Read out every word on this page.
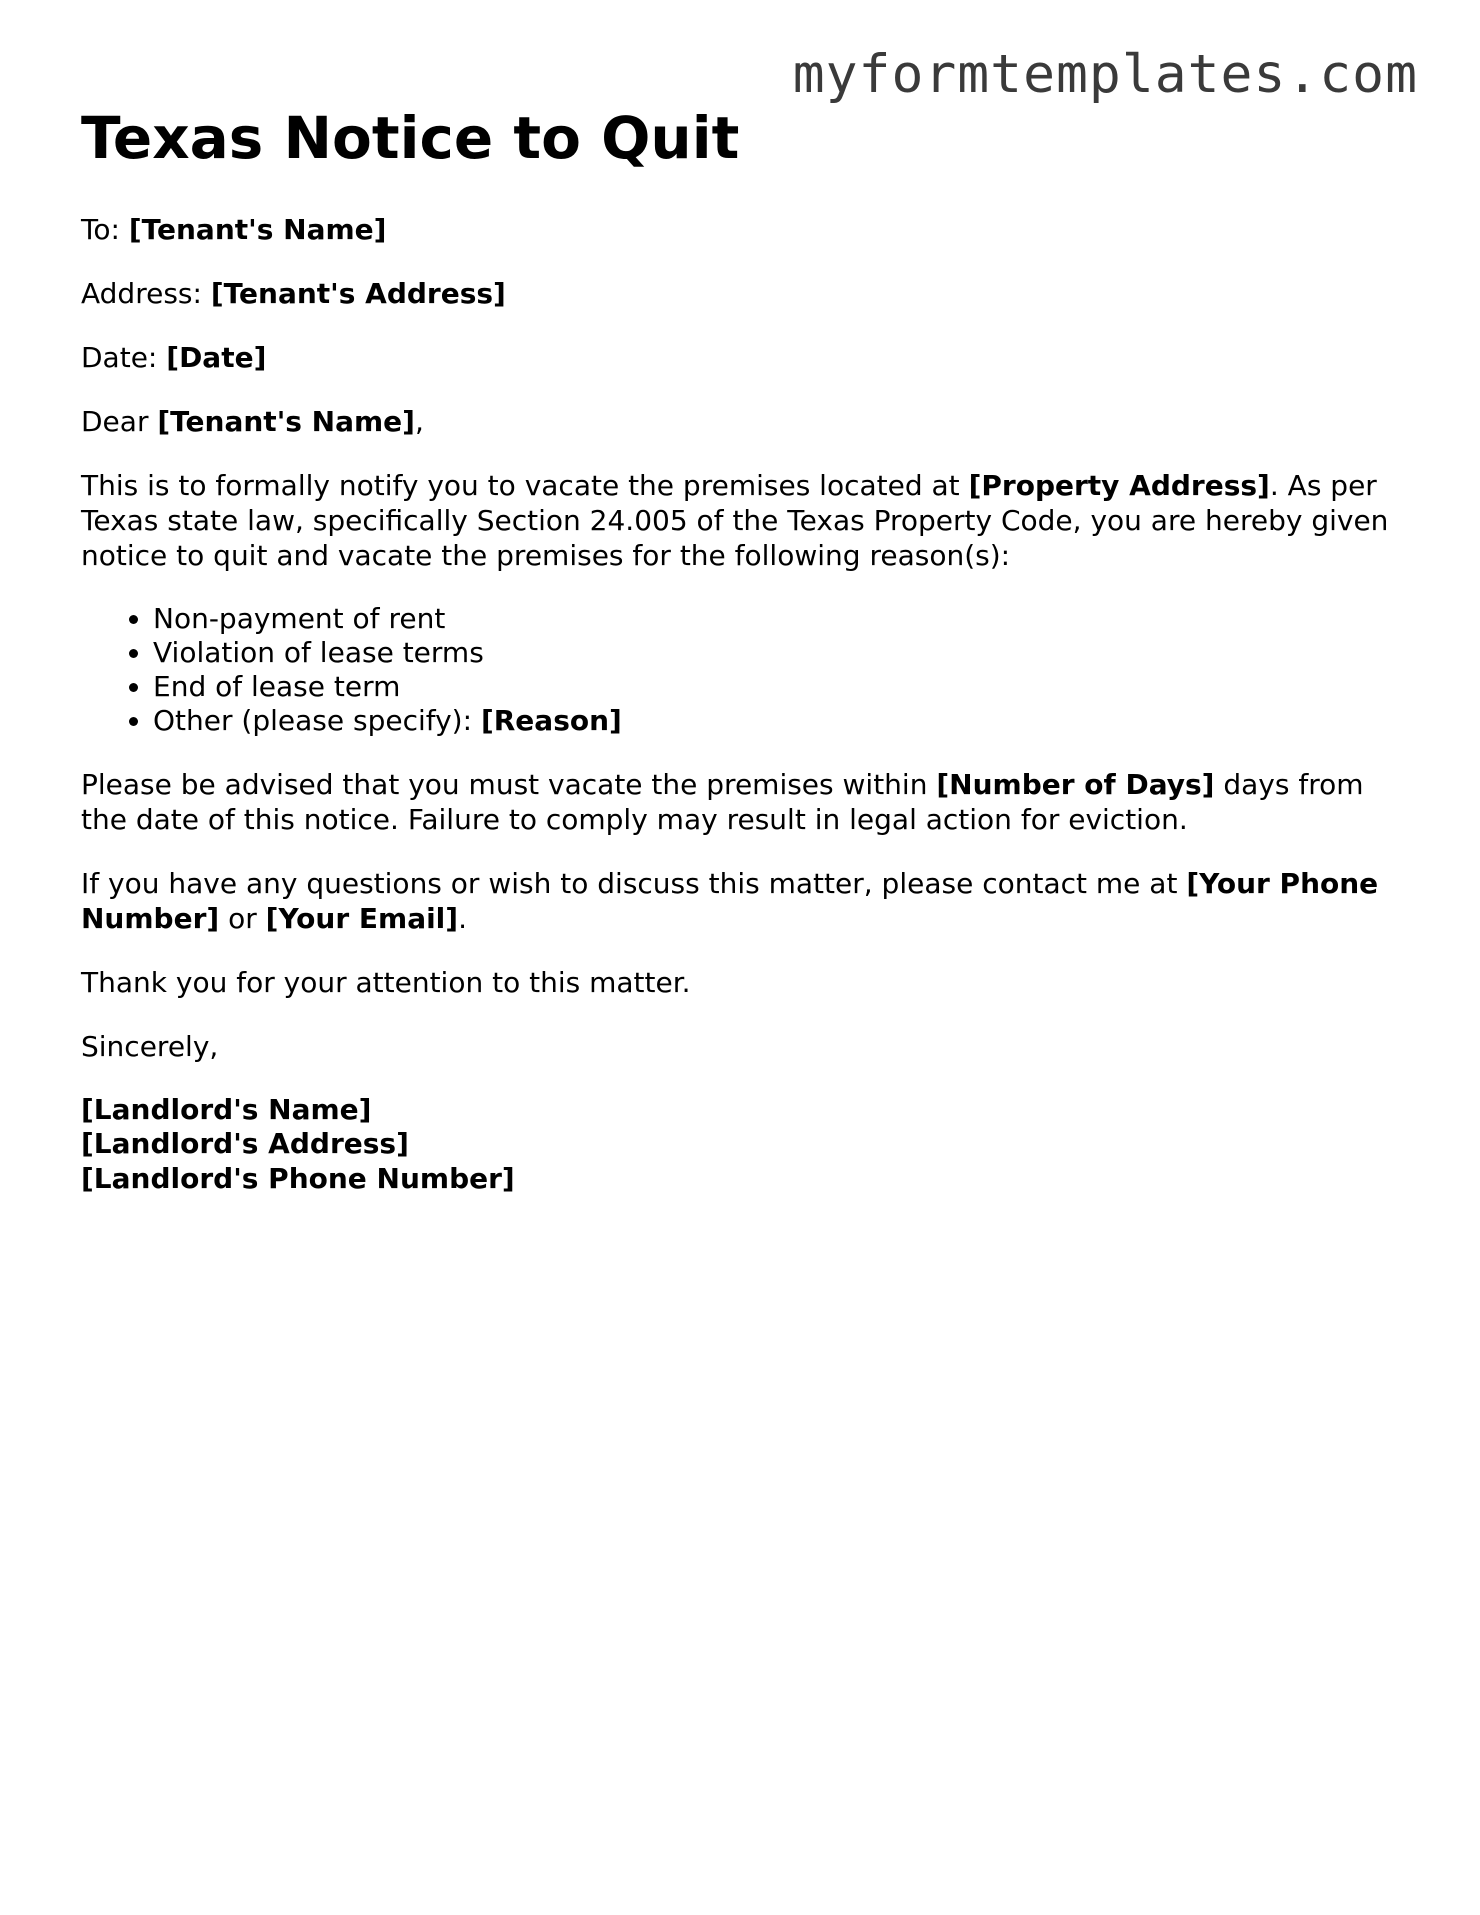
myformtemplates.com
Texas Notice to Quit

To: [Tenant's Name]

Address: [Tenant's Address]

Date: [Date]

Dear [Tenant's Name],

This is to formally notify you to vacate the premises located at [Property Address]. As per Texas state law, specifically Section 24.005 of the Texas Property Code, you are hereby given notice to quit and vacate the premises for the following reason(s):

• Non-payment of rent
• Violation of lease terms
• End of lease term
• Other (please specify): [Reason]

Please be advised that you must vacate the premises within [Number of Days] days from the date of this notice. Failure to comply may result in legal action for eviction.

If you have any questions or wish to discuss this matter, please contact me at [Your Phone Number] or [Your Email].

Thank you for your attention to this matter.

Sincerely,

[Landlord's Name]
[Landlord's Address]
[Landlord's Phone Number]
